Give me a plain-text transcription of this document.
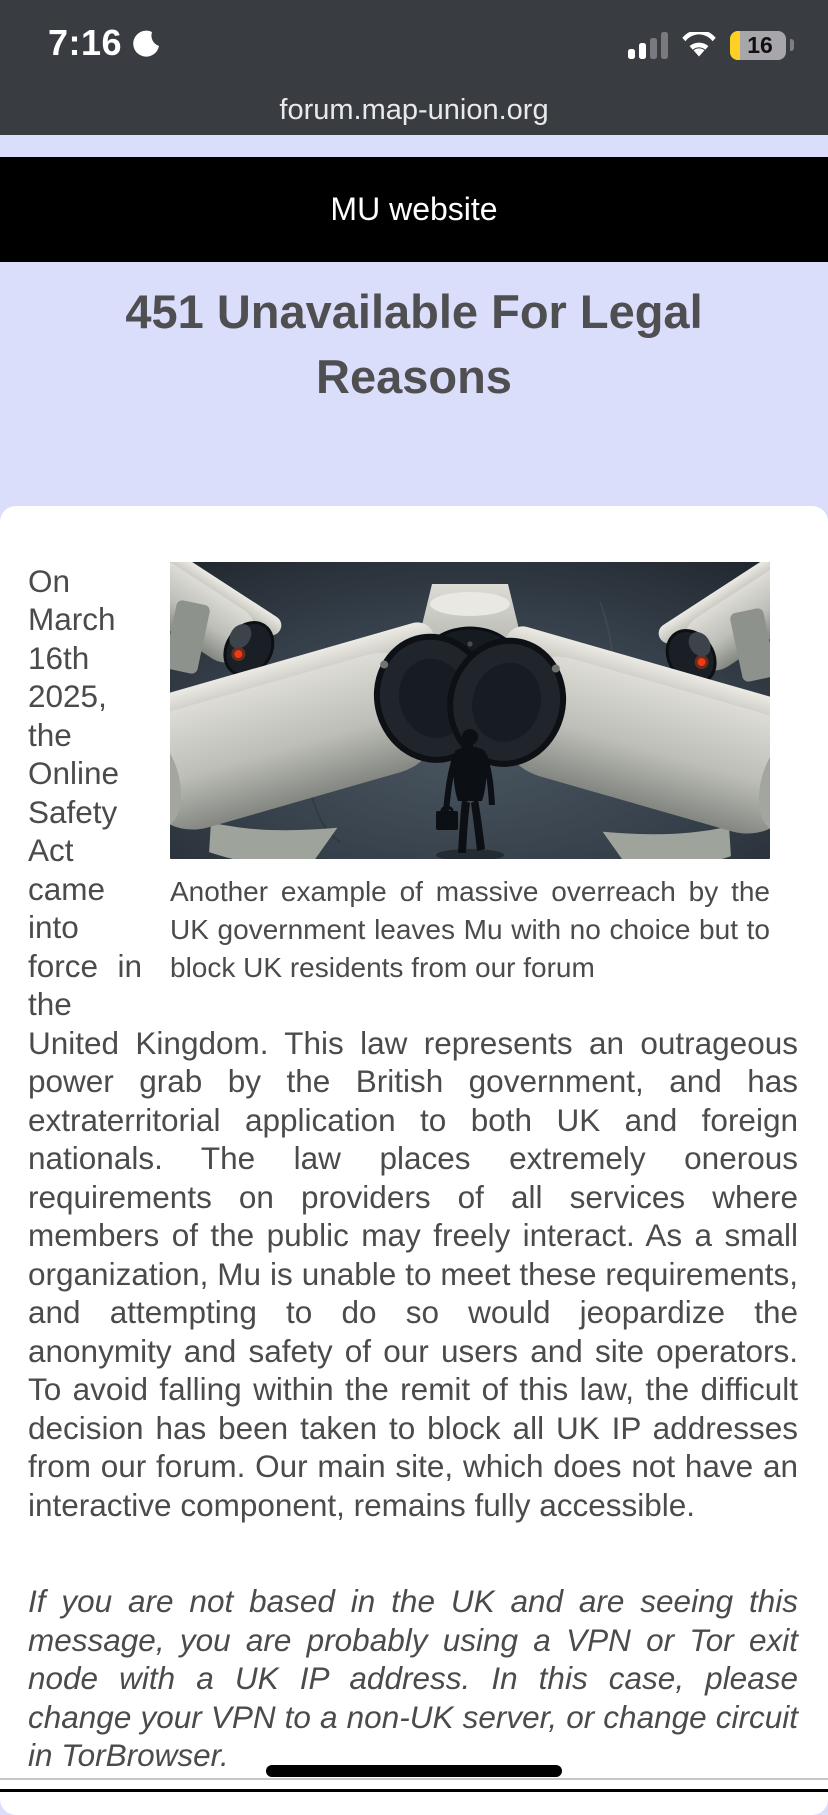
7:16	16
forum.map-union.org
MU website
451 Unavailable For Legal Reasons
Another example of massive overreach by the UK government leaves Mu with no choice but to block UK residents from our forum

On March 16th 2025, the Online Safety Act came into force in the United Kingdom. This law represents an outrageous power grab by the British government, and has extraterritorial application to both UK and foreign nationals. The law places extremely onerous requirements on providers of all services where members of the public may freely interact. As a small organization, Mu is unable to meet these requirements, and attempting to do so would jeopardize the anonymity and safety of our users and site operators. To avoid falling within the remit of this law, the difficult decision has been taken to block all UK IP addresses from our forum. Our main site, which does not have an interactive component, remains fully accessible.

If you are not based in the UK and are seeing this message, you are probably using a VPN or Tor exit node with a UK IP address. In this case, please change your VPN to a non-UK server, or change circuit in TorBrowser.
